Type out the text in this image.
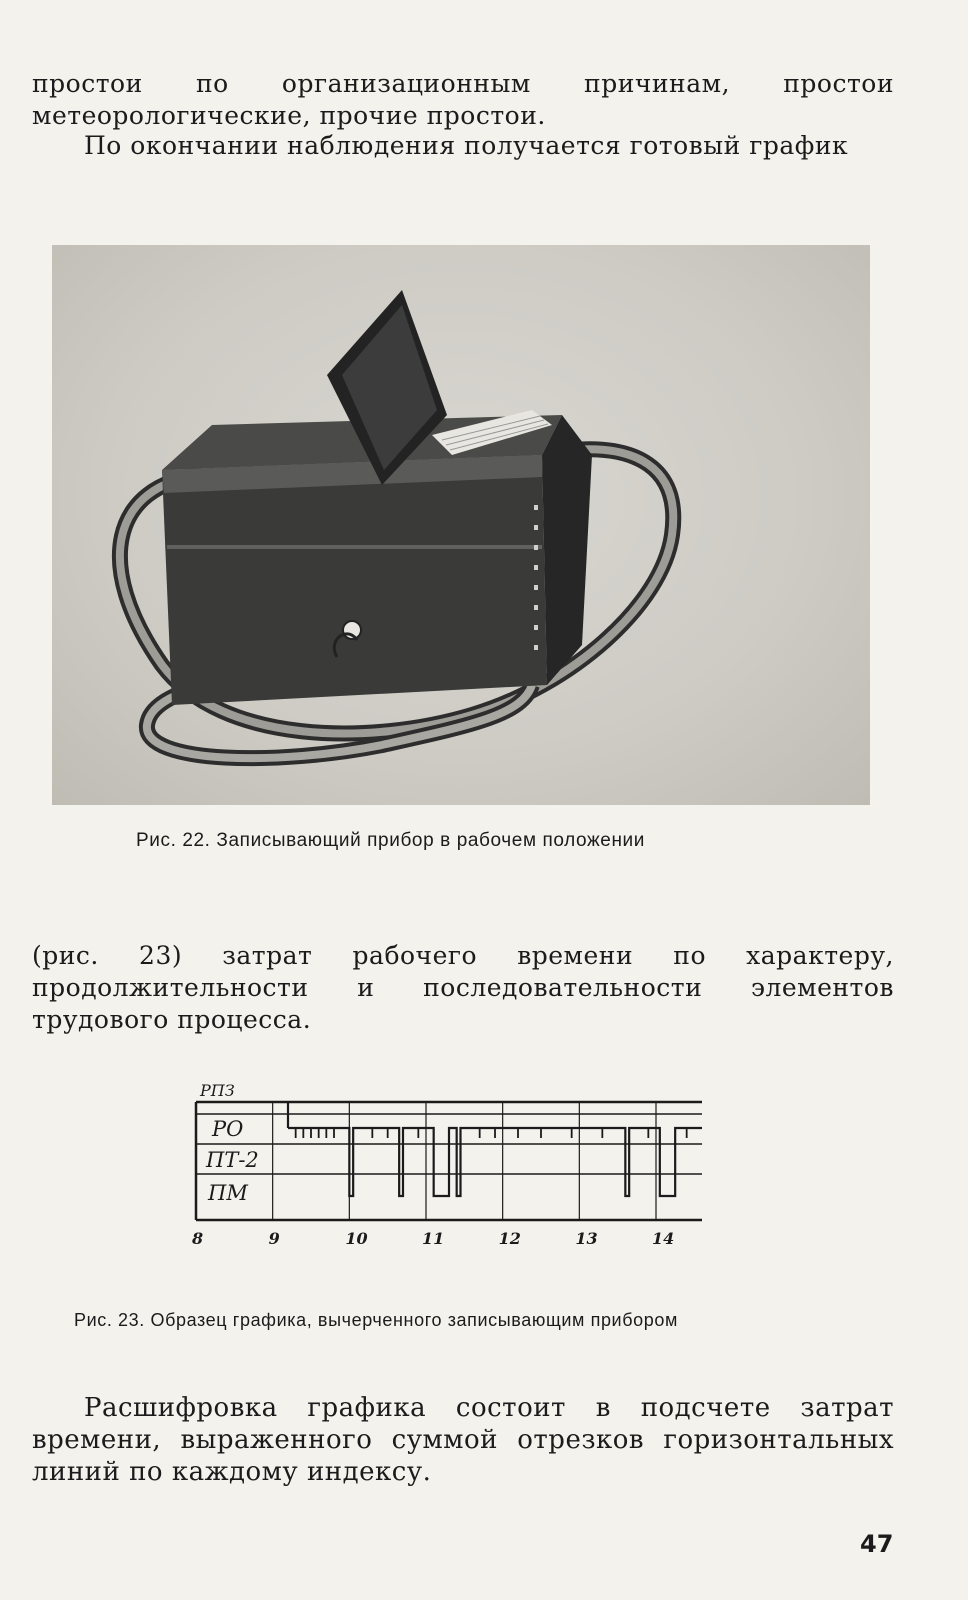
простои по организационным причинам, простои метеорологические, прочие простои.
По окончании наблюдения получается готовый график
Рис. 22. Записывающий прибор в рабочем положении
(рис. 23) затрат рабочего времени по характеру, продолжительности и последовательности элементов трудового процесса.
РПЗ
РО
ПТ-2
ПМ
8	9	10	11	12	13	14
Рис. 23. Образец графика, вычерченного записывающим прибором
Расшифровка графика состоит в подсчете затрат времени, выраженного суммой отрезков горизонтальных линий по каждому индексу.
47
